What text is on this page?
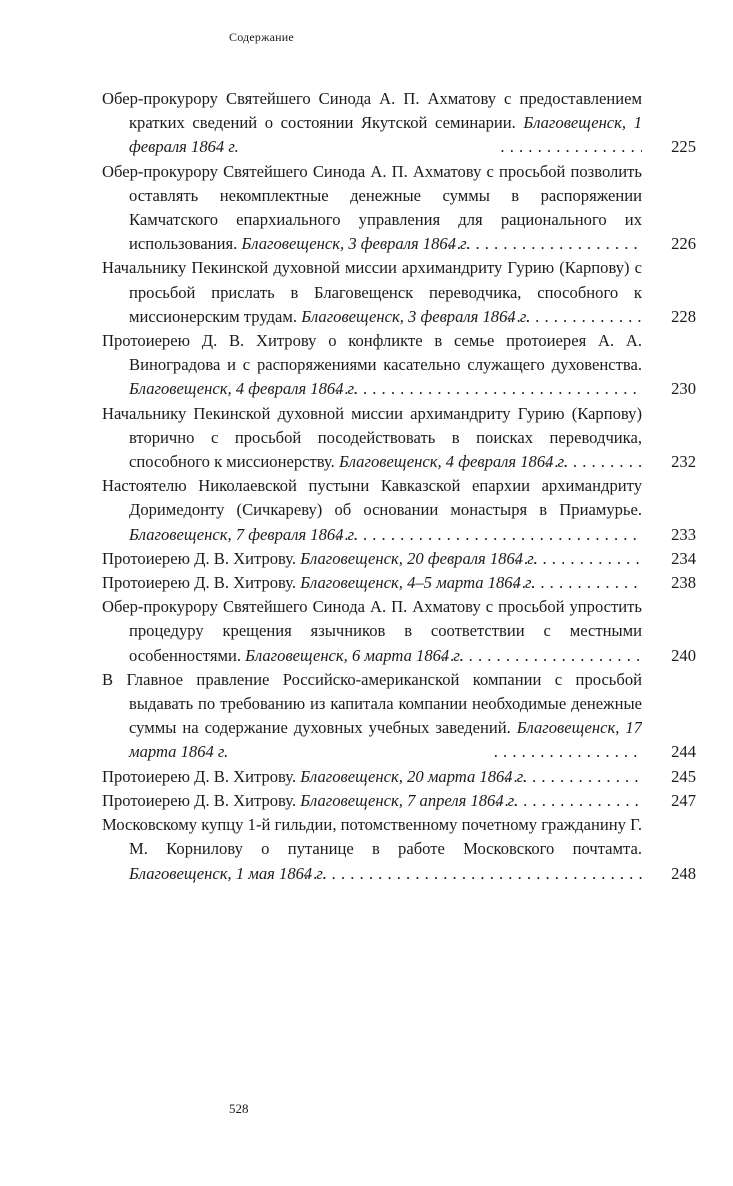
Содержание
Обер-прокурору Святейшего Синода А. П. Ахматову с предоставлением кратких сведений о состоянии Якутской семинарии. Благовещенск, 1 февраля 1864 г. . . .	225
Обер-прокурору Святейшего Синода А. П. Ахматову с просьбой позволить оставлять некомплектные денежные суммы в распоряжении Камчатского епархиального управления для рационального их использования. Благовещенск, 3 февраля 1864 г. . . .	226
Начальнику Пекинской духовной миссии архимандриту Гурию (Карпову) с просьбой прислать в Благовещенск переводчика, способного к миссионерским трудам. Благовещенск, 3 февраля 1864 г. . . .	228
Протоиерею Д. В. Хитрову о конфликте в семье протоиерея А. А. Виноградова и с распоряжениями касательно служащего духовенства. Благовещенск, 4 февраля 1864 г. . . .	230
Начальнику Пекинской духовной миссии архимандриту Гурию (Карпову) вторично с просьбой посодействовать в поисках переводчика, способного к миссионерству. Благовещенск, 4 февраля 1864 г. . . .	232
Настоятелю Николаевской пустыни Кавказской епархии архимандриту Доримедонту (Сичкареву) об основании монастыря в Приамурье. Благовещенск, 7 февраля 1864 г. . . .	233
Протоиерею Д. В. Хитрову. Благовещенск, 20 февраля 1864 г. . . .	234
Протоиерею Д. В. Хитрову. Благовещенск, 4–5 марта 1864 г. . . .	238
Обер-прокурору Святейшего Синода А. П. Ахматову с просьбой упростить процедуру крещения язычников в соответствии с местными особенностями. Благовещенск, 6 марта 1864 г. . . .	240
В Главное правление Российско-американской компании с просьбой выдавать по требованию из капитала компании необходимые денежные суммы на содержание духовных учебных заведений. Благовещенск, 17 марта 1864 г. . . .	244
Протоиерею Д. В. Хитрову. Благовещенск, 20 марта 1864 г. . . .	245
Протоиерею Д. В. Хитрову. Благовещенск, 7 апреля 1864 г. . . .	247
Московскому купцу 1-й гильдии, потомственному почетному гражданину Г. М. Корнилову о путанице в работе Московского почтамта. Благовещенск, 1 мая 1864 г. . . .	248
528
